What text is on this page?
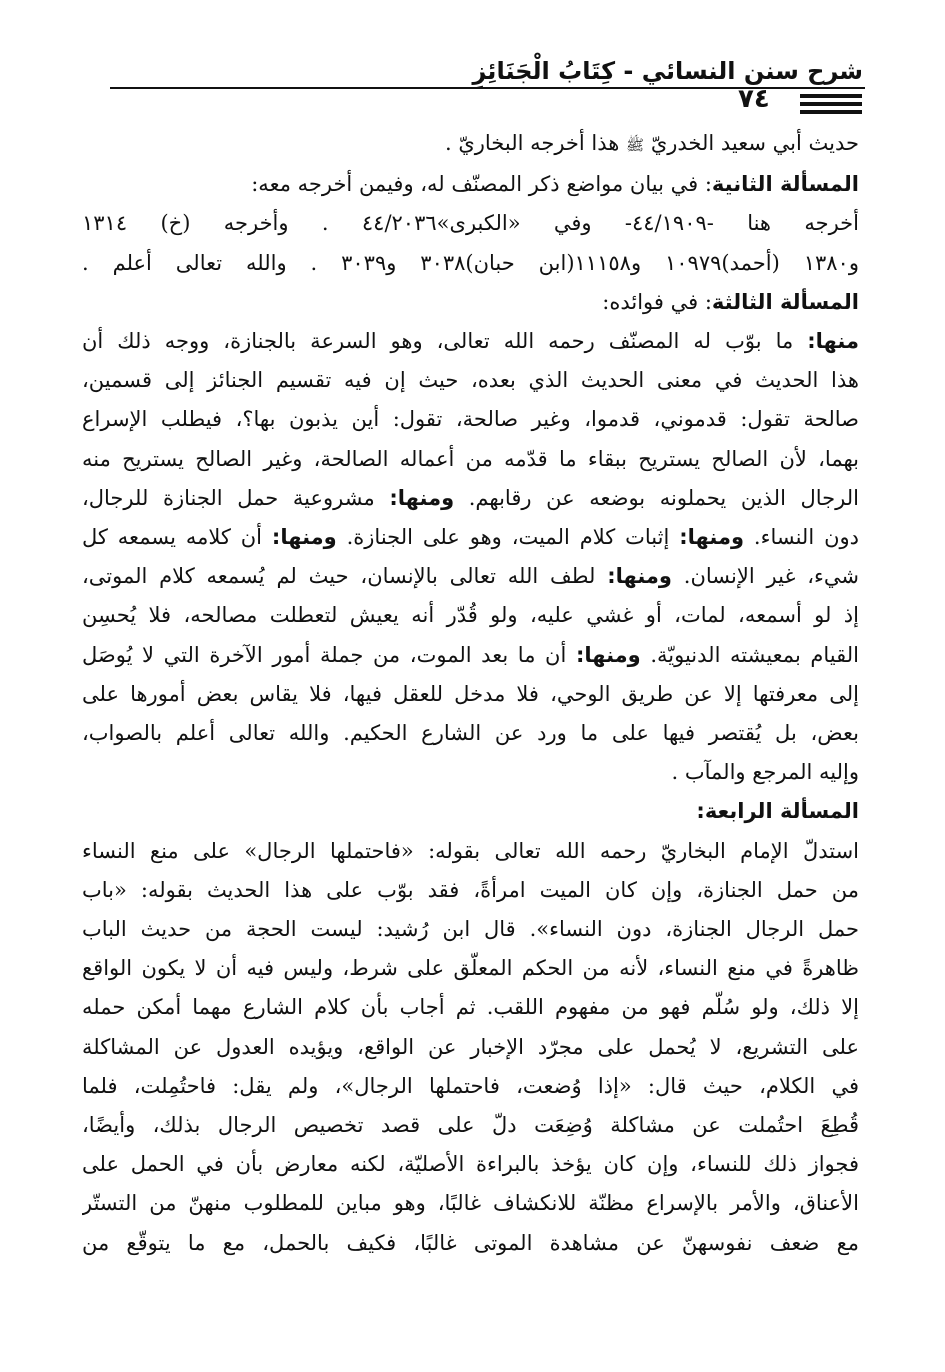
شرح سنن النسائي - كِتَابُ الْجَنَائِزِ
٧٤
حديث أبي سعيد الخدريّ ﷺ هذا أخرجه البخاريّ .
المسألة الثانية: في بيان مواضع ذكر المصنّف له، وفيمن أخرجه معه:
أخرجه هنا -٤٤/١٩٠٩- وفي «الكبرى»٤٤/٢٠٣٦ . وأخرجه (خ) ١٣١٤
و١٣٨٠ (أحمد)١٠٩٧٩ و١١١٥٨(ابن حبان)٣٠٣٨ و٣٠٣٩ . والله تعالى أعلم .
المسألة الثالثة: في فوائده:
منها: ما بوّب له المصنّف رحمه الله تعالى، وهو السرعة بالجنازة، ووجه ذلك أن
هذا الحديث في معنى الحديث الذي بعده، حيث إن فيه تقسيم الجنائز إلى قسمين،
صالحة تقول: قدموني، قدموا، وغير صالحة، تقول: أين يذبون بها؟، فيطلب الإسراع
بهما، لأن الصالح يستريح ببقاء ما قدّمه من أعماله الصالحة، وغير الصالح يستريح منه
الرجال الذين يحملونه بوضعه عن رقابهم. ومنها: مشروعية حمل الجنازة للرجال،
دون النساء. ومنها: إثبات كلام الميت، وهو على الجنازة. ومنها: أن كلامه يسمعه كل
شيء، غير الإنسان. ومنها: لطف الله تعالى بالإنسان، حيث لم يُسمعه كلام الموتى،
إذ لو أسمعه، لمات، أو غشي عليه، ولو قُدّر أنه يعيش لتعطلت مصالحه، فلا يُحسِن
القيام بمعيشته الدنيويّة. ومنها: أن ما بعد الموت، من جملة أمور الآخرة التي لا يُوصَل
إلى معرفتها إلا عن طريق الوحي، فلا مدخل للعقل فيها، فلا يقاس بعض أمورها على
بعض، بل يُقتصر فيها على ما ورد عن الشارع الحكيم. والله تعالى أعلم بالصواب،
وإليه المرجع والمآب .
المسألة الرابعة:
استدلّ الإمام البخاريّ رحمه الله تعالى بقوله: «فاحتملها الرجال» على منع النساء
من حمل الجنازة، وإن كان الميت امرأةً، فقد بوّب على هذا الحديث بقوله: «باب
حمل الرجال الجنازة، دون النساء». قال ابن رُشيد: ليست الحجة من حديث الباب
ظاهرةً في منع النساء، لأنه من الحكم المعلّق على شرط، وليس فيه أن لا يكون الواقع
إلا ذلك، ولو سُلّم فهو من مفهوم اللقب. ثم أجاب بأن كلام الشارع مهما أمكن حمله
على التشريع، لا يُحمل على مجرّد الإخبار عن الواقع، ويؤيده العدول عن المشاكلة
في الكلام، حيث قال: «إذا وُضعت، فاحتملها الرجال»، ولم يقل: فاحتُمِلت، فلما
قُطِعَ احتُملت عن مشاكلة وُضِعَت دلّ على قصد تخصيص الرجال بذلك، وأيضًا،
فجواز ذلك للنساء، وإن كان يؤخذ بالبراءة الأصليّة، لكنه معارض بأن في الحمل على
الأعناق، والأمر بالإسراع مظنّة للانكشاف غالبًا، وهو مباين للمطلوب منهنّ من التستّر
مع ضعف نفوسهنّ عن مشاهدة الموتى غالبًا، فكيف بالحمل، مع ما يتوقّع من
